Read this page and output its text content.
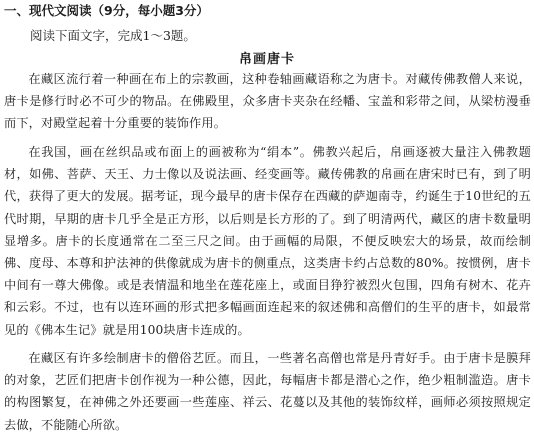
一、现代文阅读（9分，每小题3分）
阅读下面文字，完成1～3题。
帛画唐卡

在藏区流行着一种画在布上的宗教画，这种卷轴画藏语称之为唐卡。对藏传佛教僧人来说，唐卡是修行时必不可少的物品。在佛殿里，众多唐卡夹杂在经幡、宝盖和彩带之间，从梁枋漫垂而下，对殿堂起着十分重要的装饰作用。

在我国，画在丝织品或布面上的画被称为“绢本”。佛教兴起后，帛画逐被大量注入佛教题材，如佛、菩萨、天王、力士像以及说法画、经变画等。藏传佛教的帛画在唐宋时已有，到了明代，获得了更大的发展。据考证，现今最早的唐卡保存在西藏的萨迦南寺，约诞生于10世纪的五代时期，早期的唐卡几乎全是正方形，以后则是长方形的了。到了明清两代，藏区的唐卡数量明显增多。唐卡的长度通常在二至三尺之间。由于画幅的局限，不便反映宏大的场景，故而绘制佛、度母、本尊和护法神的供像就成为唐卡的侧重点，这类唐卡约占总数的80%。按惯例，唐卡中间有一尊大佛像。或是表情温和地坐在莲花座上，或面目狰狞被烈火包围，四角有树木、花卉和云彩。不过，也有以连环画的形式把多幅画面连起来的叙述佛和高僧们的生平的唐卡，如最常见的《佛本生记》就是用100块唐卡连成的。

在藏区有许多绘制唐卡的僧俗艺匠。而且，一些著名高僧也常是丹青好手。由于唐卡是膜拜的对象，艺匠们把唐卡创作视为一种公德，因此，每幅唐卡都是潜心之作，绝少粗制滥造。唐卡的构图繁复，在神佛之外还要画一些莲座、祥云、花蔓以及其他的装饰纹样，画师必须按照规定去做，不能随心所欲。
